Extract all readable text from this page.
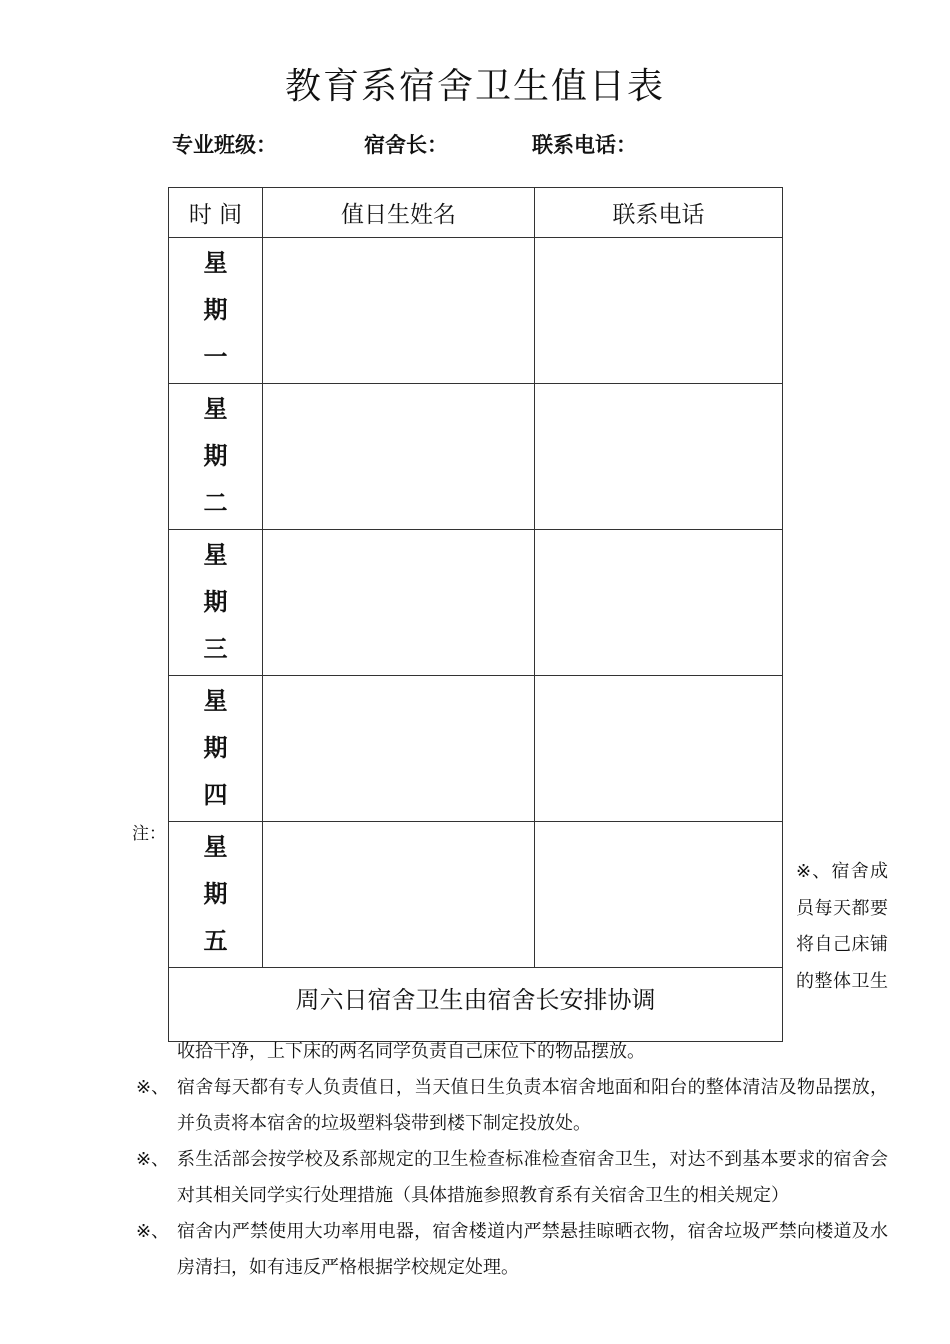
教育系宿舍卫生值日表
专业班级：	宿舍长：	联系电话：
时 间	值日生姓名	联系电话

星
期
一		

星
期
二		

星
期
三		

星
期
四		

星
期
五		

周六日宿舍卫生由宿舍长安排协调		
注：
※、宿舍成员每天都要将自己床铺的整体卫生
收拾干净，上下床的两名同学负责自己床位下的物品摆放。
※、 宿舍每天都有专人负责值日，当天值日生负责本宿舍地面和阳台的整体清洁及物品摆放，并负责将本宿舍的垃圾塑料袋带到楼下制定投放处。
※、 系生活部会按学校及系部规定的卫生检查标准检查宿舍卫生，对达不到基本要求的宿舍会对其相关同学实行处理措施（具体措施参照教育系有关宿舍卫生的相关规定）
※、 宿舍内严禁使用大功率用电器，宿舍楼道内严禁悬挂晾晒衣物，宿舍垃圾严禁向楼道及水房清扫，如有违反严格根据学校规定处理。
